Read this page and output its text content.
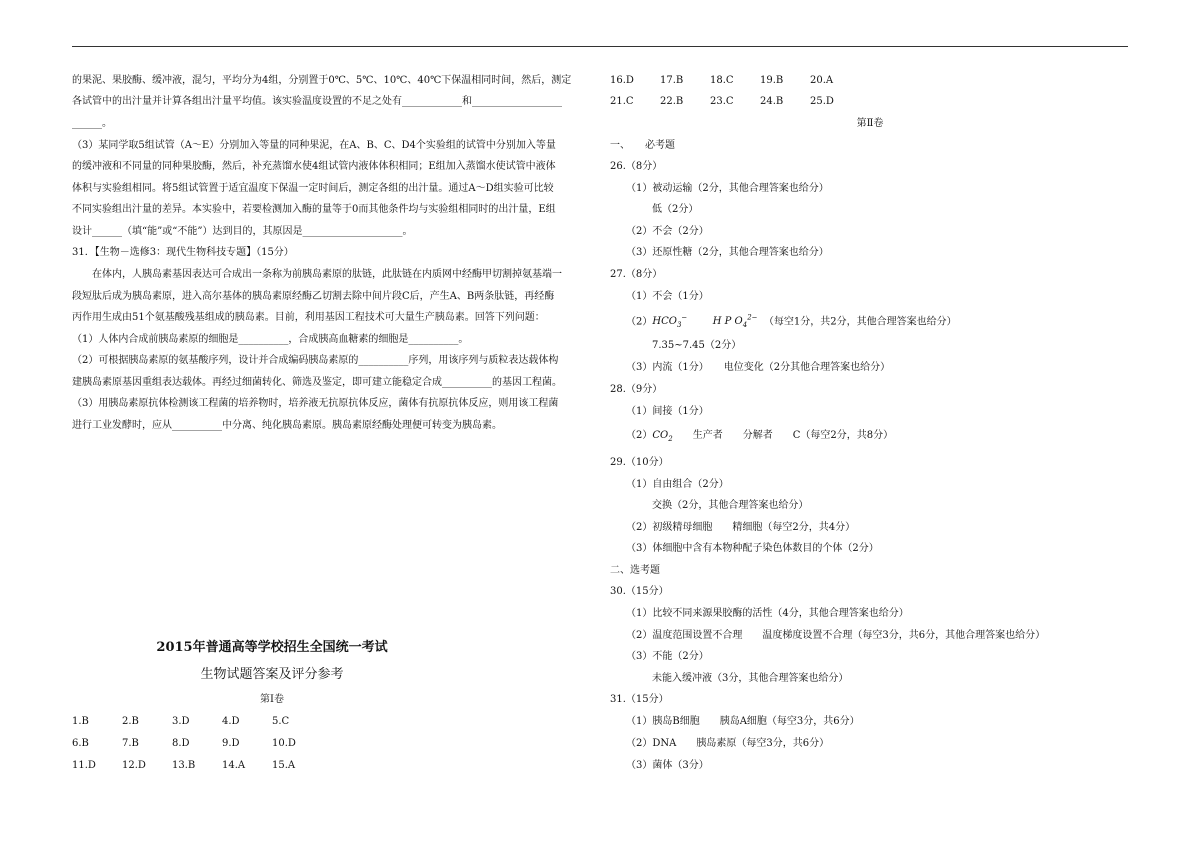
的果泥、果胶酶、缓冲液，混匀，平均分为4组，分别置于0℃、5℃、10℃、40℃下保温相同时间，然后，测定
各试管中的出汁量并计算各组出汁量平均值。该实验温度设置的不足之处有____________和__________________
______。
（3）某同学取5组试管（A～E）分别加入等量的同种果泥，在A、B、C、D4个实验组的试管中分别加入等量
的缓冲液和不同量的同种果胶酶，然后，补充蒸馏水使4组试管内液体体积相同；E组加入蒸馏水使试管中液体
体积与实验组相同。将5组试管置于适宜温度下保温一定时间后，测定各组的出汁量。通过A～D组实验可比较
不同实验组出汁量的差异。本实验中，若要检测加入酶的量等于0而其他条件均与实验组相同时的出汁量，E组
设计______（填“能”或“不能”）达到目的，其原因是____________________。
31．【生物－选修3：现代生物科技专题】（15分）
在体内，人胰岛素基因表达可合成出一条称为前胰岛素原的肽链，此肽链在内质网中经酶甲切割掉氨基端一
段短肽后成为胰岛素原，进入高尔基体的胰岛素原经酶乙切割去除中间片段C后，产生A、B两条肽链，再经酶
丙作用生成由51个氨基酸残基组成的胰岛素。目前，利用基因工程技术可大量生产胰岛素。回答下列问题：
（1）人体内合成前胰岛素原的细胞是__________，合成胰高血糖素的细胞是__________。
（2）可根据胰岛素原的氨基酸序列，设计并合成编码胰岛素原的__________序列，用该序列与质粒表达载体构
建胰岛素原基因重组表达载体。再经过细菌转化、筛选及鉴定，即可建立能稳定合成__________的基因工程菌。
（3）用胰岛素原抗体检测该工程菌的培养物时，培养液无抗原抗体反应，菌体有抗原抗体反应，则用该工程菌
进行工业发酵时，应从__________中分离、纯化胰岛素原。胰岛素原经酶处理便可转变为胰岛素。
2015年普通高等学校招生全国统一考试
生物试题答案及评分参考
第Ⅰ卷
1.B	2.B	3.D	4.D	5.C
6.B	7.B	8.D	9.D	10.D
11.D	12.D	13.B	14.A	15.A
16.D	17.B	18.C	19.B	20.A
21.C	22.B	23.C	24.B	25.D
第Ⅱ卷
一、　　必考题
26.（8分）
（1）被动运输（2分，其他合理答案也给分）
低（2分）
（2）不会（2分）
（3）还原性糖（2分，其他合理答案也给分）
27.（8分）
（1）不会（1分）
$(2)HCO_3^-$	H P $O_4^{2-}$ （每空1分，共2分，其他合理答案也给分）
7.35~7.45（2分）
（3）内流（1分）　　电位变化（2分其他合理答案也给分）
28.（9分）
（1）间接（1分）
$(2)CO_2$　　生产者　　分解者　　C（每空2分，共8分）
29.（10分）
（1）自由组合（2分）
交换（2分，其他合理答案也给分）
（2）初级精母细胞　　精细胞（每空2分，共4分）
（3）体细胞中含有本物种配子染色体数目的个体（2分）
二、选考题
30.（15分）
（1）比较不同来源果胶酶的活性（4分，其他合理答案也给分）
（2）温度范围设置不合理　　温度梯度设置不合理（每空3分，共6分，其他合理答案也给分）
（3）不能（2分）
未能入缓冲液（3分，其他合理答案也给分）
31.（15分）
（1）胰岛B细胞　　胰岛A细胞（每空3分，共6分）
（2）DNA　　胰岛素原（每空3分，共6分）
（3）菌体（3分）
